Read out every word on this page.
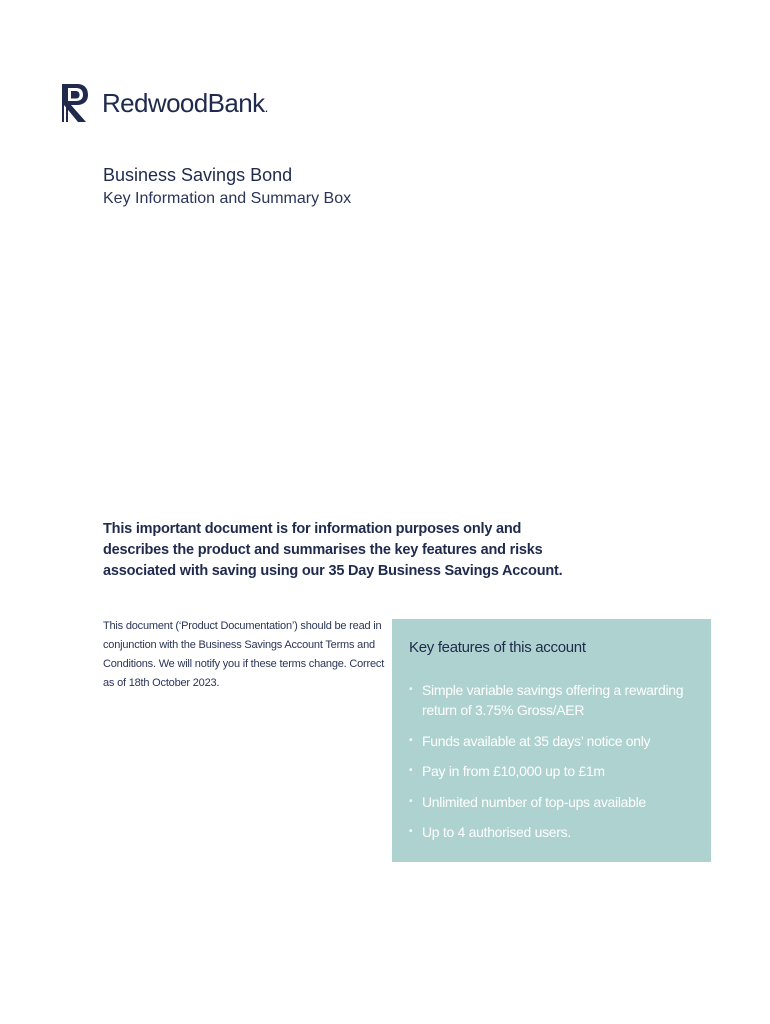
RedwoodBank.
Business Savings Bond
Key Information and Summary Box
This important document is for information purposes only and describes the product and summarises the key features and risks associated with saving using our 35 Day Business Savings Account.
This document (‘Product Documentation’) should be read in conjunction with the Business Savings Account Terms and Conditions. We will notify you if these terms change. Correct as of 18th October 2023.
Key features of this account
• Simple variable savings offering a rewarding return of 3.75% Gross/AER
• Funds available at 35 days’ notice only
• Pay in from £10,000 up to £1m
• Unlimited number of top-ups available
• Up to 4 authorised users.
